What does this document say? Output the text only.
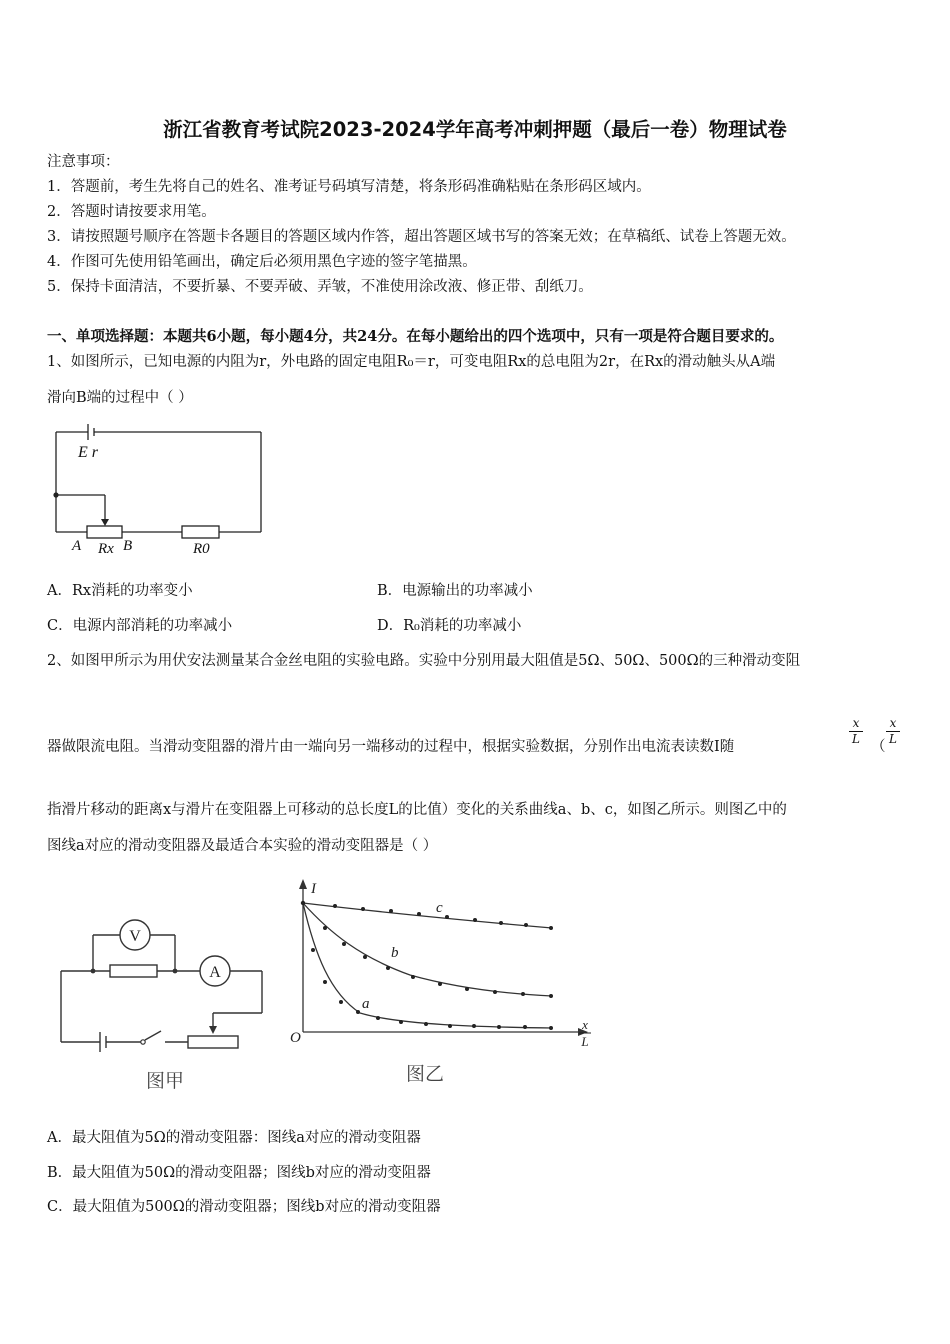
浙江省教育考试院2023-2024学年高考冲刺押题（最后一卷）物理试卷
注意事项：
1．答题前，考生先将自己的姓名、准考证号码填写清楚，将条形码准确粘贴在条形码区域内。
2．答题时请按要求用笔。
3．请按照题号顺序在答题卡各题目的答题区域内作答，超出答题区域书写的答案无效；在草稿纸、试卷上答题无效。
4．作图可先使用铅笔画出，确定后必须用黑色字迹的签字笔描黑。
5．保持卡面清洁，不要折暴、不要弄破、弄皱，不准使用涂改液、修正带、刮纸刀。
一、单项选择题：本题共6小题，每小题4分，共24分。在每小题给出的四个选项中，只有一项是符合题目要求的。
1、如图所示，已知电源的内阻为r，外电路的固定电阻R₀＝r，可变电阻Rx的总电阻为2r，在Rx的滑动触头从A端
滑向B端的过程中（ ）
E r
A Rx B	R0
A．Rx消耗的功率变小	B．电源输出的功率减小
C．电源内部消耗的功率减小	D．R₀消耗的功率减小
2、如图甲所示为用伏安法测量某合金丝电阻的实验电路。实验中分别用最大阻值是5Ω、50Ω、500Ω的三种滑动变阻
器做限流电阻。当滑动变阻器的滑片由一端向另一端移动的过程中，根据实验数据，分别作出电流表读数I随
x
L （
x
L
指滑片移动的距离x与滑片在变阻器上可移动的总长度L的比值）变化的关系曲线a、b、c，如图乙所示。则图乙中的
图线a对应的滑动变阻器及最适合本实验的滑动变阻器是（ ）
V
A
图甲
I
O
x
L
a
b
c
图乙
A．最大阻值为5Ω的滑动变阻器：图线a对应的滑动变阻器
B．最大阻值为50Ω的滑动变阻器；图线b对应的滑动变阻器
C．最大阻值为500Ω的滑动变阻器；图线b对应的滑动变阻器
